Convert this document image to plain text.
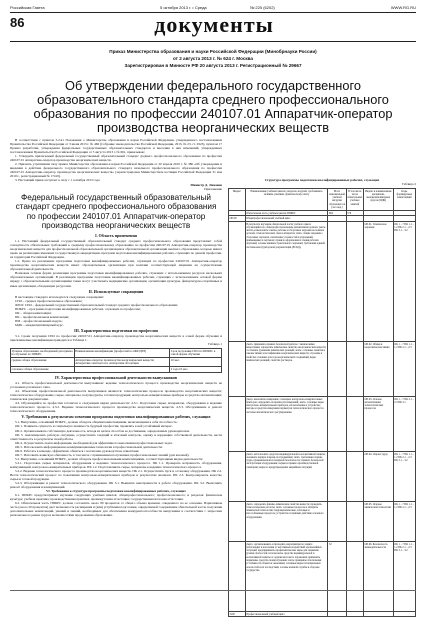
Российская Газета	5 октября 2013 г. • Среда	№ 225 (6202)	WWW.RG.RU
86	документы
Приказ Министерства образования и науки Российской Федерации (Минобрнауки России)
от 2 августа 2013 г. № 624 г. Москва
Зарегистрирован в Минюсте РФ 20 августа 2013 г. Регистрационный № 29667
Об утверждении федерального государственного образовательного стандарта среднего профессионального образования по профессии 240107.01 Аппаратчик-оператор производства неорганических веществ

В соответствии с пунктом 5.2.41 Положения о Министерстве образования и науки Российской Федерации, утвержденного постановлением Правительства Российской Федерации от 3 июня 2013 г. № 466 (Собрание законодательства Российской Федерации, 2013, № 23, ст. 2923), пунктом 17 Правил разработки, утверждения федеральных государственных образовательных стандартов и внесения в них изменений, утвержденных постановлением Правительства Российской Федерации от 5 августа 2013 г. № 661, приказываю:

1. Утвердить прилагаемый федеральный государственный образовательный стандарт среднего профессионального образования по профессии 240107.01 Аппаратчик-оператор производства неорганических веществ.

2. Признать утратившим силу приказ Министерства образования и науки Российской Федерации от 20 апреля 2010 г. № 380 «Об утверждении и введении в действие федерального государственного образовательного стандарта начального профессионального образования по профессии 240107.01 Аппаратчик-оператор производства неорганических веществ» (зарегистрирован Министерством юстиции Российской Федерации 31 мая 2010 г., регистрационный № 17410).

3. Настоящий приказ вступает в силу с 1 сентября 2013 года.

Министр Д. Ливанов

Приложение

Федеральный государственный образовательный стандарт среднего профессионального образования по профессии 240107.01 Аппаратчик-оператор производства неорганических веществ
I. Область применения

1.1. Настоящий федеральный государственный образовательный стандарт среднего профессионального образования представляет собой совокупность обязательных требований к среднему профессиональному образованию по профессии 240107.01 Аппаратчик-оператор производства неорганических веществ для профессиональной образовательной организации и образовательной организации высшего образования, которые имеют право на реализацию имеющих государственную аккредитацию программ подготовки квалифицированных рабочих, служащих по данной профессии, на территории Российской Федерации.

1.2. Право на реализацию программы подготовки квалифицированных рабочих, служащих по профессии 240107.01 Аппаратчик-оператор производства неорганических веществ имеет образовательная организация при наличии соответствующей лицензии на осуществление образовательной деятельности.

Возможна сетевая форма реализации программы подготовки квалифицированных рабочих, служащих с использованием ресурсов нескольких образовательных организаций. В реализации программы подготовки квалифицированных рабочих, служащих с использованием сетевой формы наряду с образовательными организациями также могут участвовать медицинские организации, организации культуры, физкультурно-спортивные и иные организации, обладающие ресурсами.

II. Используемые сокращения

В настоящем стандарте используются следующие сокращения:

СПО – среднее профессиональное образование;

ФГОС СПО – федеральный государственный образовательный стандарт среднего профессионального образования;

ППКРС – программа подготовки квалифицированных рабочих, служащих по профессии;

ОК – общая компетенция;

ПК – профессиональная компетенция;

ПМ – профессиональный модуль;

МДК – междисциплинарный курс.

III. Характеристика подготовки по профессии

3.1. Сроки получения СПО по профессии 240107.01 Аппаратчик-оператор производства неорганических веществ в очной форме обучения и присваиваемые квалификации приводятся в Таблице 1.

Таблица 1

Уровень образования, необходимый для приема на обучение по ППКРС	Наименование квалификации (профессий по ОКПДТР)	Срок получения СПО по ППКРС в очной форме обучения
среднее общее образование	Аппаратчик-оператор производства неорганических веществ; Аппаратчик очистки газа; Аппаратчик абсорбции	10 мес.
основное общее образование		2 года 10 мес.
IV. Характеристика профессиональной деятельности выпускников

4.1. Область профессиональной деятельности выпускников: ведение технологического процесса производства неорганических веществ на установках различного типа.

4.2. Объектами профессиональной деятельности выпускников являются: технологические процессы производства неорганических веществ; технологическое оборудование; сырье, материалы, полупродукты, готовая продукция; контрольно-измерительные приборы и средства автоматизации; техническая документация.

4.3. Обучающийся по профессии готовится к следующим видам деятельности: 4.3.1. Подготовка сырья, материалов, оборудования к ведению технологического процесса. 4.3.2. Ведение технологического процесса производства неорганических веществ. 4.3.3. Обслуживание и ремонт технологического оборудования.

V. Требования к результатам освоения программы подготовки квалифицированных рабочих, служащих

5.1. Выпускник, освоивший ППКРС, должен обладать общими компетенциями, включающими в себя способность:

ОК 1. Понимать сущность и социальную значимость будущей профессии, проявлять к ней устойчивый интерес.

ОК 2. Организовывать собственную деятельность, исходя из цели и способов ее достижения, определенных руководителем.

ОК 3. Анализировать рабочую ситуацию, осуществлять текущий и итоговый контроль, оценку и коррекцию собственной деятельности, нести ответственность за результаты своей работы.

ОК 4. Осуществлять поиск информации, необходимой для эффективного выполнения профессиональных задач.

ОК 5. Использовать информационно-коммуникационные технологии в профессиональной деятельности.

ОК 6. Работать в команде, эффективно общаться с коллегами, руководством, клиентами.

ОК 7. Исполнять воинскую обязанность, в том числе с применением полученных профессиональных знаний (для юношей).

5.2. Выпускник, освоивший ППКРС, должен обладать профессиональными компетенциями, соответствующими видам деятельности:

5.2.1. Подготовка сырья, материалов, оборудования к ведению технологического процесса. ПК 1.1. Проверять исправность оборудования, коммуникаций, контрольно-измерительных приборов. ПК 1.2. Подготавливать сырье, материалы к ведению технологического процесса.

5.2.2. Ведение технологического процесса производства неорганических веществ. ПК 2.1. Осуществлять пуск и остановку оборудования. ПК 2.2. Вести технологический процесс по показаниям контрольно-измерительных приборов и результатам анализов. ПК 2.3. Контролировать качество сырья и готовой продукции.

5.2.3. Обслуживание и ремонт технологического оборудования. ПК 3.1. Выявлять неисправности в работе оборудования. ПК 3.2. Выполнять ремонт оборудования и коммуникаций.

VI. Требования к структуре программы подготовки квалифицированных рабочих, служащих

6.1. ППКРС предусматривает изучение следующих учебных циклов: общепрофессионального; профессионального; и разделов: физическая культура; учебная практика; производственная практика; промежуточная аттестация; государственная итоговая аттестация.

6.2. Обязательная часть ППКРС должна составлять около 80 процентов от общего объема времени, отведенного на ее освоение. Вариативная часть (около 20 процентов) дает возможность расширения и (или) углубления подготовки, определяемой содержанием обязательной части, получения дополнительных компетенций, умений и знаний, необходимых для обеспечения конкурентоспособности выпускника в соответствии с запросами регионального рынка труда и возможностями продолжения образования.

Структура программы подготовки квалифицированных рабочих, служащих

Таблица 2

Индекс	Наименование учебных циклов, разделов, модулей, требования к знаниям, умениям, практическому опыту	Всего максимальной учебной нагрузки обучающегося (час./нед.)	В том числе часов обязательных учебных занятий	Индекс и наименование дисциплин, междисциплинарных курсов (МДК)	Коды формируемых компетенций
	Обязательная часть учебных циклов ППКРС	864	576		
ОП.00	Общепрофессиональный учебный цикл				
	В результате изучения обязательной части учебного цикла обучающийся по общепрофессиональным дисциплинам должен: уметь: читать и выполнять эскизы, рабочие и сборочные чертежи несложных деталей, технологических схем и аппаратов; знать: общие сведения о сборочных чертежах, назначение условностей и упрощений, применяемых в чертежах; правила оформления и чтения рабочих чертежей; основы машиностроительного черчения; требования единой системы конструкторской документации (ЕСКД).			ОП.01. Техническое черчение	ОК 1 – 7 ПК 1.1 – 1.2 ПК 2.1 – 2.3 ПК 3.1 – 3.2
	уметь: применять правила безопасной работы с химическими веществами; определять химические свойства неорганических веществ; составлять уравнения химических реакций; знать: основные понятия и законы химии; классификацию неорганических веществ; строение и свойства основных классов неорганических соединений; виды химических реакций; свойства растворов.			ОП.02. Общая и неорганическая химия	ОК 1 – 7 ПК 1.1 – 1.2 ПК 2.1 – 2.3
	уметь: выполнять измерения с помощью контрольно-измерительных приборов; определять погрешности измерений; знать: основные виды контрольно-измерительных приборов, их назначение и устройство; методы и средства измерения параметров технологического процесса; системы автоматического регулирования.			ОП.03. Основы автоматизации технологических процессов	ОК 1 – 7 ПК 2.1 – 2.3 ПК 3.1
	уметь: использовать средства индивидуальной и коллективной защиты; оказывать первую помощь пострадавшим; знать: требования охраны труда, промышленной и пожарной безопасности; правила безопасной эксплуатации оборудования; нормы и правила производственной санитарии; меры по предупреждению аварийных ситуаций.			ОП.04. Охрана труда	ОК 1 – 7 ПК 1.1 – 1.2 ПК 2.1 – 2.3 ПК 3.1 – 3.2
	уметь: определять физико-химические свойства веществ; проводить технологические расчеты; знать: основные процессы и аппараты химической технологии; гидромеханические, тепловые и массообменные процессы; устройство и принцип действия основного оборудования.			ОП.05. Основы химической технологии	ОК 1 – 7 ПК 1.1 – 1.2 ПК 2.1 – 2.3
	уметь: организовывать и проводить мероприятия по защите работающих и населения от негативных воздействий чрезвычайных ситуаций; предпринимать профилактические меры для снижения уровня опасностей; использовать средства индивидуальной и коллективной защиты от оружия массового поражения; применять первичные средства пожаротушения; знать: принципы обеспечения устойчивости объектов экономики; основные виды потенциальных опасностей и их последствия; основы военной службы и обороны государства.	32		ОП.06. Безопасность жизнедеятельности	ОК 1 – 7 ПК 1.1 – 1.2 ПК 2.1 – 2.3 ПК 3.1 – 3.2
П.00	Профессиональный учебный цикл				
